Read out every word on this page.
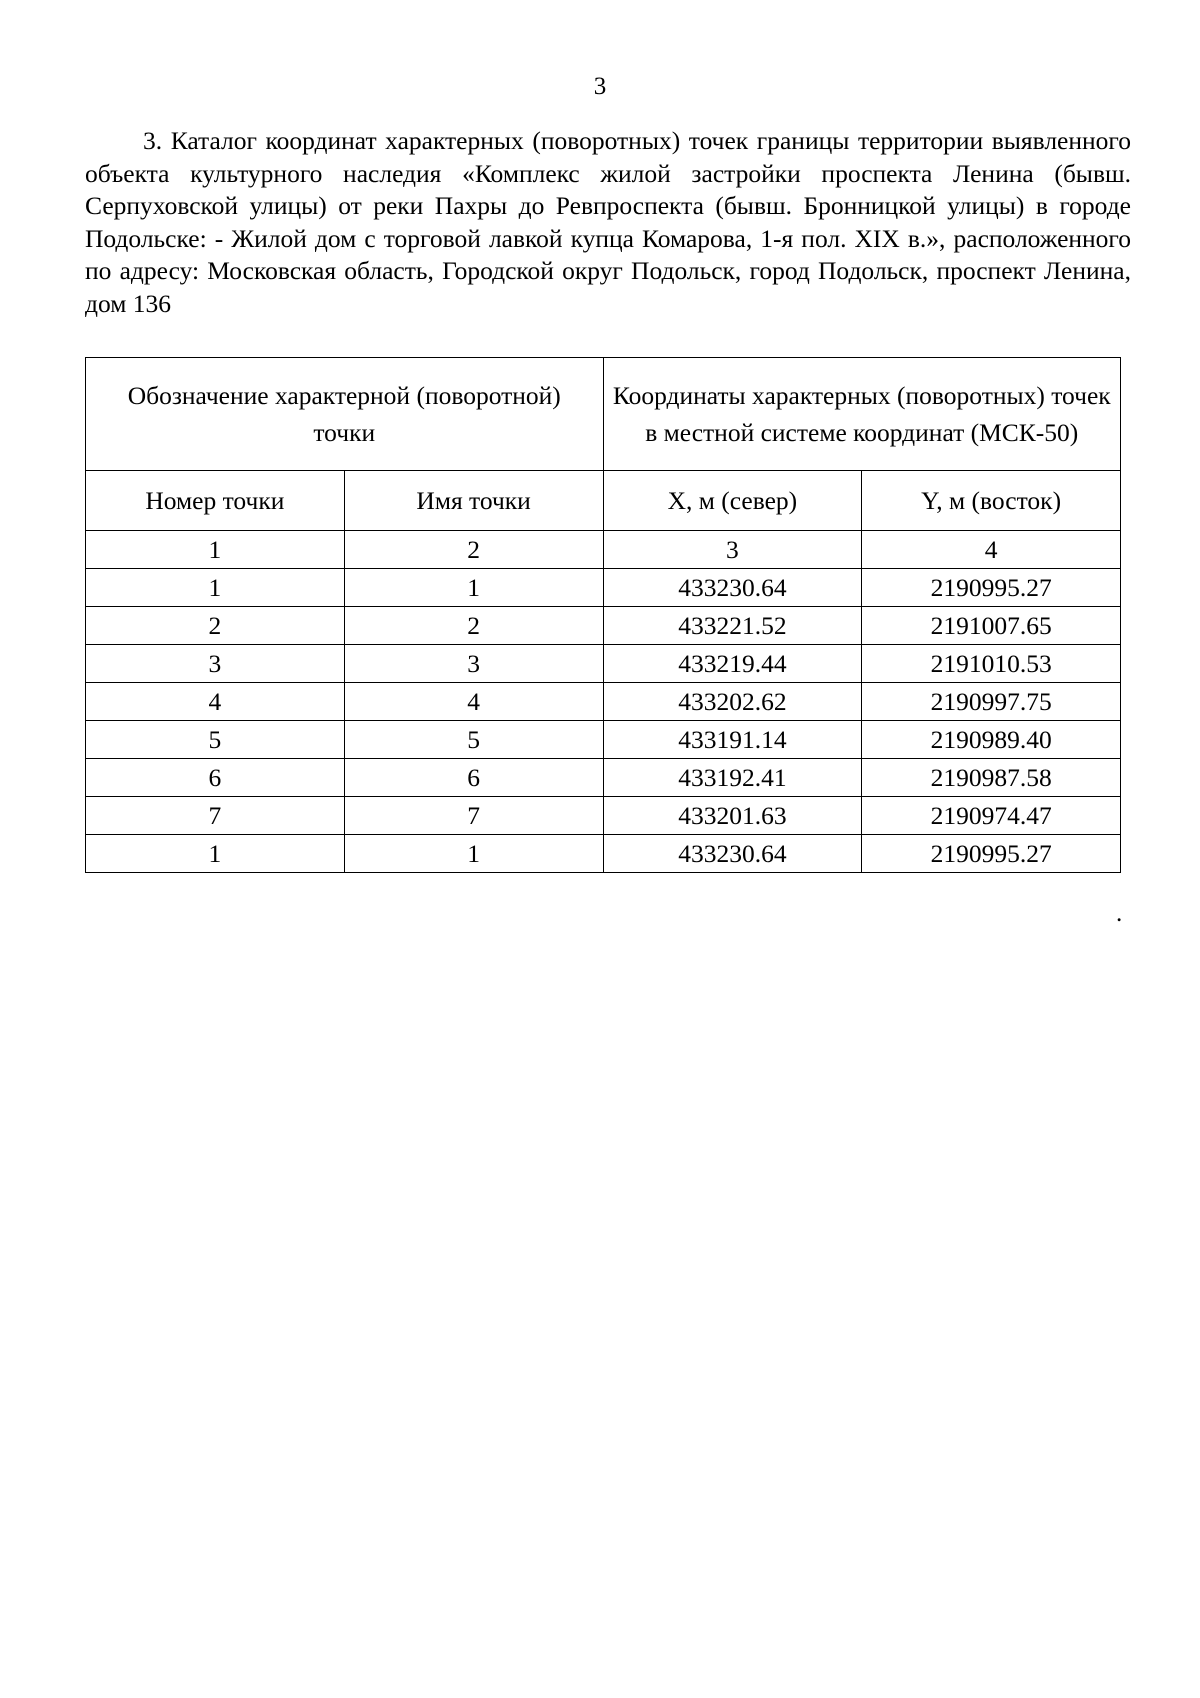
3

3. Каталог координат характерных (поворотных) точек границы территории выявленного объекта культурного наследия «Комплекс жилой застройки проспекта Ленина (бывш. Серпуховской улицы) от реки Пахры до Ревпроспекта (бывш. Бронницкой улицы) в городе Подольске: - Жилой дом с торговой лавкой купца Комарова, 1-я пол. XIX в.», расположенного по адресу: Московская область, Городской округ Подольск, город Подольск, проспект Ленина, дом 136

Обозначение характерной (поворотной) точки		Координаты характерных (поворотных) точек в местной системе координат (МСК-50)	
Номер точки	Имя точки	X, м (север)	Y, м (восток)
1	2	3	4
1	1	433230.64	2190995.27
2	2	433221.52	2191007.65
3	3	433219.44	2191010.53
4	4	433202.62	2190997.75
5	5	433191.14	2190989.40
6	6	433192.41	2190987.58
7	7	433201.63	2190974.47
1	1	433230.64	2190995.27
.
